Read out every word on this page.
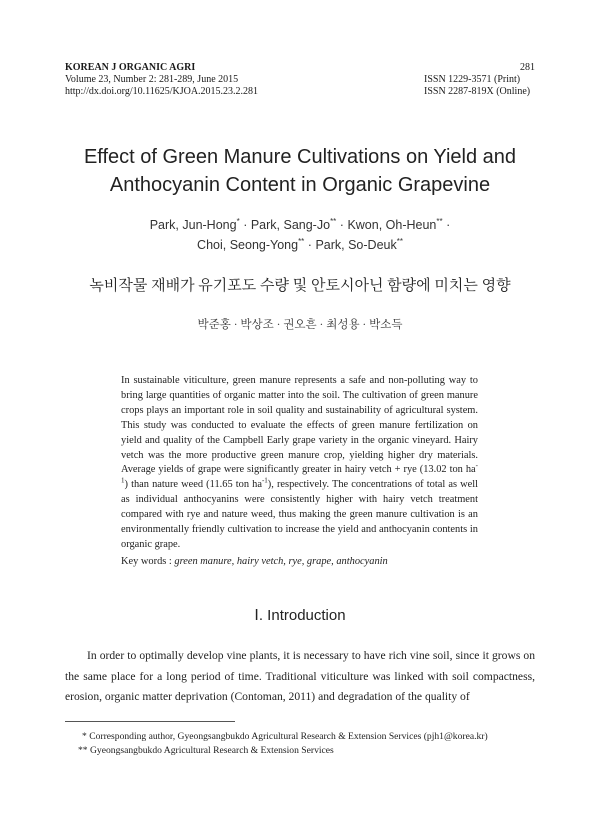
KOREAN J ORGANIC AGRI
Volume 23, Number 2: 281-289, June 2015
http://dx.doi.org/10.11625/KJOA.2015.23.2.281
281
ISSN 1229-3571 (Print)
ISSN 2287-819X (Online)
Effect of Green Manure Cultivations on Yield and
Anthocyanin Content in Organic Grapevine
Park, Jun-Hong* · Park, Sang-Jo** · Kwon, Oh-Heun** ·
Choi, Seong-Yong** · Park, So-Deuk**
녹비작물 재배가 유기포도 수량 및 안토시아닌 함량에 미치는 영향
박준홍 · 박상조 · 권오흔 · 최성용 · 박소득
In sustainable viticulture, green manure represents a safe and non-polluting way to bring large quantities of organic matter into the soil. The cultivation of green manure crops plays an important role in soil quality and sustainability of agricultural system. This study was conducted to evaluate the effects of green manure fertilization on yield and quality of the Campbell Early grape variety in the organic vineyard. Hairy vetch was the more productive green manure crop, yielding higher dry materials. Average yields of grape were significantly greater in hairy vetch + rye (13.02 ton $ha^{-1}$) than nature weed (11.65 ton $ha^{-1}$), respectively. The concentrations of total as well as individual anthocyanins were consistently higher with hairy vetch treatment compared with rye and nature weed, thus making the green manure cultivation is an environmentally friendly cultivation to increase the yield and anthocyanin contents in organic grape.
Key words : green manure, hairy vetch, rye, grape, anthocyanin
Ⅰ. Introduction
In order to optimally develop vine plants, it is necessary to have rich vine soil, since it grows on the same place for a long period of time. Traditional viticulture was linked with soil compactness, erosion, organic matter deprivation (Contoman, 2011) and degradation of the quality of
* Corresponding author, Gyeongsangbukdo Agricultural Research & Extension Services (pjh1@korea.kr)
** Gyeongsangbukdo Agricultural Research & Extension Services
